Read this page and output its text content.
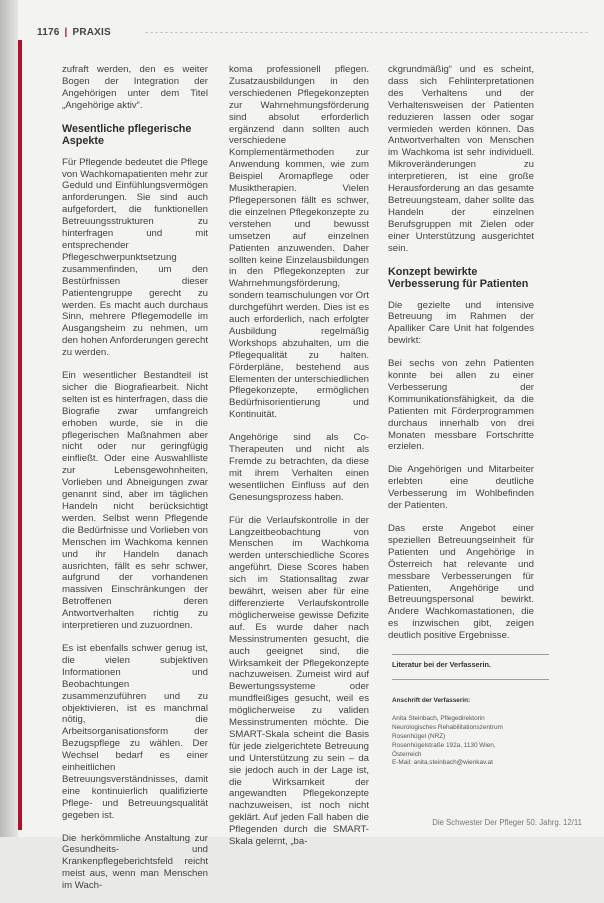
1176 | PRAXIS

zufraft werden, den es weiter Bogen der Integration der Angehörigen unter dem Titel „Angehörige aktiv“.

Wesentliche pflegerische Aspekte

Für Pflegende bedeutet die Pflege von Wachkomapatienten mehr zur Geduld und Einfühlungsvermögen anforderungen. Sie sind auch aufgefordert, die funktionellen Betreuungsstrukturen zu hinterfragen und mit entsprechender Pflegeschwerpunktsetzung zusammenfinden, um den Bestürfnissen dieser Patientengruppe gerecht zu werden. Es macht auch durchaus Sinn, mehrere Pflegemodelle im Ausgangsheim zu nehmen, um den hohen Anforderungen gerecht zu werden.

Ein wesentlicher Bestandteil ist sicher die Biografiearbeit. Nicht selten ist es hinterfragen, dass die Biografie zwar umfangreich erhoben wurde, sie in die pflegerischen Maßnahmen aber nicht oder nur geringfügig einfließt. Oder eine Auswahlliste zur Lebensgewohnheiten, Vorlieben und Abneigungen zwar genannt sind, aber im täglichen Handeln nicht berücksichtigt werden. Selbst wenn Pflegende die Bedürfnisse und Vorlieben von Menschen im Wachkoma kennen und ihr Handeln danach ausrichten, fällt es sehr schwer, aufgrund der vorhandenen massiven Einschränkungen der Betroffenen deren Antwortverhalten richtig zu interpretieren und zuzuordnen.

Es ist ebenfalls schwer genug ist, die vielen subjektiven Informationen und Beobachtungen zusammenzuführen und zu objektivieren, ist es manchmal nötig, die Arbeitsorganisationsform der Bezugspflege zu wählen. Der Wechsel bedarf es einer einheitlichen Betreuungsverständnisses, damit eine kontinuierlich qualifizierte Pflege- und Betreuungsqualität gegeben ist.

Die herkömmliche Anstaltung zur Gesundheits- und Krankenpflegeberichtsfeld reicht meist aus, wenn man Menschen im Wach-

koma professionell pflegen. Zusatzausbildungen in den verschiedenen Pflegekonzepten zur Wahrnehmungsförderung sind absolut erforderlich ergänzend dann sollten auch verschiedene Komplementärmethoden zur Anwendung kommen, wie zum Beispiel Aromapflege oder Musiktherapien. Vielen Pflegepersonen fällt es schwer, die einzelnen Pflegekonzepte zu verstehen und bewusst umsetzen auf einzelnen Patienten anzuwenden. Daher sollten keine Einzelausbildungen in den Pflegekonzepten zur Wahrnehmungsförderung, sondern teamschulungen vor Ort durchgeführt werden. Dies ist es auch erforderlich, nach erfolgter Ausbildung regelmäßig Workshops abzuhalten, um die Pflegequalität zu halten. Förderpläne, bestehend aus Elementen der unterschiedlichen Pflegekonzepte, ermöglichen Bedürfnisorientierung und Kontinuität.

Angehörige sind als Co-Therapeuten und nicht als Fremde zu betrachten, da diese mit ihrem Verhalten einen wesentlichen Einfluss auf den Genesungsprozess haben.

Für die Verlaufskontrolle in der Langzeitbeobachtung von Menschen im Wachkoma werden unterschiedliche Scores angeführt. Diese Scores haben sich im Stationsalltag zwar bewährt, weisen aber für eine differenzierte Verlaufskontrolle möglicherweise gewisse Defizite auf. Es wurde daher nach Messinstrumenten gesucht, die auch geeignet sind, die Wirksamkeit der Pflegekonzepte nachzuweisen. Zumeist wird auf Bewertungssysteme oder mundfleißiges gesucht, weil es möglicherweise zu validen Messinstrumenten möchte. Die SMART-Skala scheint die Basis für jede zielgerichtete Betreuung und Unterstützung zu sein – da sie jedoch auch in der Lage ist, die Wirksamkeit der angewandten Pflegekonzepte nachzuweisen, ist noch nicht geklärt. Auf jeden Fall haben die Pflegenden durch die SMART-Skala gelernt, „ba-

ckgrundmäßig“ und es scheint, dass sich Fehlinterpretationen des Verhaltens und der Verhaltensweisen der Patienten reduzieren lassen oder sogar vermieden werden können. Das Antwortverhalten von Menschen im Wachkoma ist sehr individuell. Mikroveränderungen zu interpretieren, ist eine große Herausforderung an das gesamte Betreuungsteam, daher sollte das Handeln der einzelnen Berufsgruppen mit Zielen oder einer Unterstützung ausgerichtet sein.

Konzept bewirkte Verbesserung für Patienten

Die gezielte und intensive Betreuung im Rahmen der Apalliker Care Unit hat folgendes bewirkt:

Bei sechs von zehn Patienten konnte bei allen zu einer Verbesserung der Kommunikationsfähigkeit, da die Patienten mit Förderprogrammen durchaus innerhalb von drei Monaten messbare Fortschritte erzielen.

Die Angehörigen und Mitarbeiter erlebten eine deutliche Verbesserung im Wohlbefinden der Patienten.

Das erste Angebot einer speziellen Betreuungseinheit für Patienten und Angehörige in Österreich hat relevante und messbare Verbesserungen für Patienten, Angehörige und Betreuungspersonal bewirkt. Andere Wachkomastationen, die es inzwischen gibt, zeigen deutlich positive Ergebnisse.

Literatur bei der Verfasserin.
Anschrift der Verfasserin:
Anita Steinbach, Pflegedirektorin
Neurologisches Rehabilitationszentrum
Rosenhügel (NRZ)
Rosenhügelstraße 192a, 1130 Wien,
Österreich
E-Mail: anita.steinbach@wienkav.at
Die Schwester Der Pfleger 50. Jahrg. 12/11
